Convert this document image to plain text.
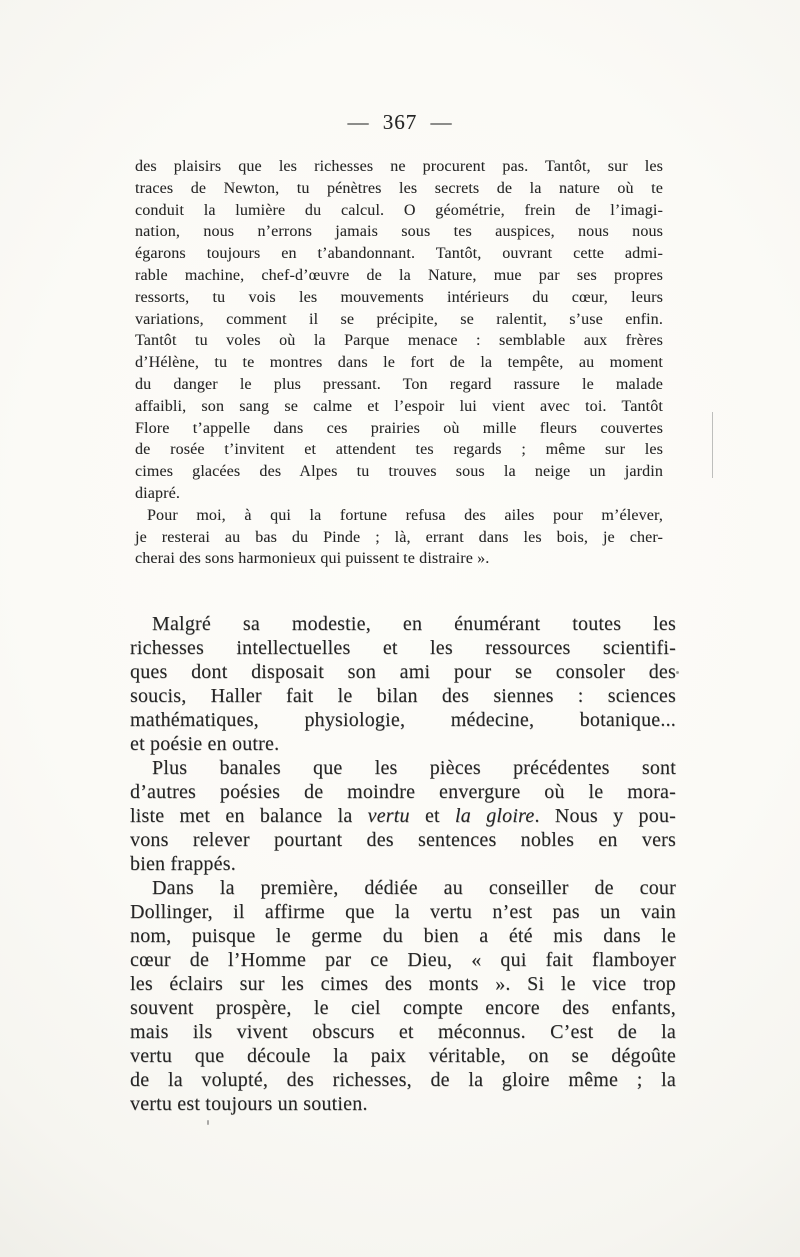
— 367 —
des plaisirs que les richesses ne procurent pas. Tantôt, sur les
traces de Newton, tu pénètres les secrets de la nature où te
conduit la lumière du calcul. O géométrie, frein de l’imagi-
nation, nous n’errons jamais sous tes auspices, nous nous
égarons toujours en t’abandonnant. Tantôt, ouvrant cette admi-
rable machine, chef-d’œuvre de la Nature, mue par ses propres
ressorts, tu vois les mouvements intérieurs du cœur, leurs
variations, comment il se précipite, se ralentit, s’use enfin.
Tantôt tu voles où la Parque menace : semblable aux frères
d’Hélène, tu te montres dans le fort de la tempête, au moment
du danger le plus pressant. Ton regard rassure le malade
affaibli, son sang se calme et l’espoir lui vient avec toi. Tantôt
Flore t’appelle dans ces prairies où mille fleurs couvertes
de rosée t’invitent et attendent tes regards ; même sur les
cimes glacées des Alpes tu trouves sous la neige un jardin
diapré.
Pour moi, à qui la fortune refusa des ailes pour m’élever,
je resterai au bas du Pinde ; là, errant dans les bois, je cher-
cherai des sons harmonieux qui puissent te distraire ».
Malgré sa modestie, en énumérant toutes les
richesses intellectuelles et les ressources scientifi-
ques dont disposait son ami pour se consoler des
soucis, Haller fait le bilan des siennes : sciences
mathématiques, physiologie, médecine, botanique...
et poésie en outre.
Plus banales que les pièces précédentes sont
d’autres poésies de moindre envergure où le mora-
liste met en balance la vertu et la gloire. Nous y pou-
vons relever pourtant des sentences nobles en vers
bien frappés.
Dans la première, dédiée au conseiller de cour
Dollinger, il affirme que la vertu n’est pas un vain
nom, puisque le germe du bien a été mis dans le
cœur de l’Homme par ce Dieu, « qui fait flamboyer
les éclairs sur les cimes des monts ». Si le vice trop
souvent prospère, le ciel compte encore des enfants,
mais ils vivent obscurs et méconnus. C’est de la
vertu que découle la paix véritable, on se dégoûte
de la volupté, des richesses, de la gloire même ; la
vertu est toujours un soutien.
